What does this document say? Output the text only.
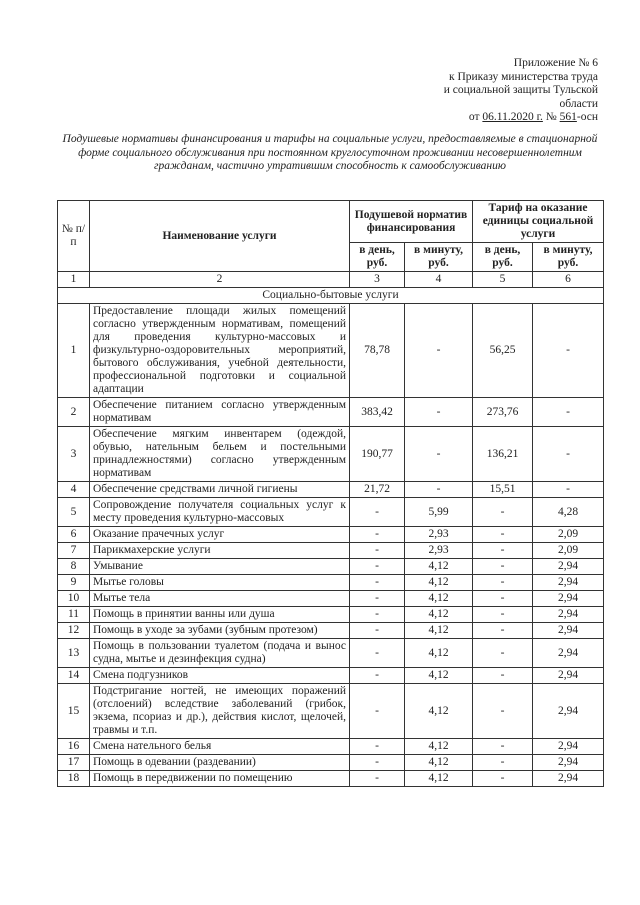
Приложение № 6
к Приказу министерства труда
и социальной защиты Тульской
области
от 06.11.2020 г. № 561-осн
Подушевые нормативы финансирования и тарифы на социальные услуги, предоставляемые в стационарной форме социального обслуживания при постоянном круглосуточном проживании несовершеннолетним гражданам, частично утратившим способность к самообслуживанию
№ п/п	Наименование услуги	Подушевой норматив финансирования		Тариф на оказание единицы социальной услуги	
		в день, руб.	в минуту, руб.	в день, руб.	в минуту, руб.
1	2	3	4	5	6
Социально-бытовые услуги					
1	Предоставление площади жилых помещений согласно утвержденным нормативам, помещений для проведения культурно-массовых и физкультурно-оздоровительных мероприятий, бытового обслуживания, учебной деятельности, профессиональной подготовки и социальной адаптации	78,78	-	56,25	-
2	Обеспечение питанием согласно утвержденным нормативам	383,42	-	273,76	-
3	Обеспечение мягким инвентарем (одеждой, обувью, нательным бельем и постельными принадлежностями) согласно утвержденным нормативам	190,77	-	136,21	-
4	Обеспечение средствами личной гигиены	21,72	-	15,51	-
5	Сопровождение получателя социальных услуг к месту проведения культурно-массовых	-	5,99	-	4,28
6	Оказание прачечных услуг	-	2,93	-	2,09
7	Парикмахерские услуги	-	2,93	-	2,09
8	Умывание	-	4,12	-	2,94
9	Мытье головы	-	4,12	-	2,94
10	Мытье тела	-	4,12	-	2,94
11	Помощь в принятии ванны или душа	-	4,12	-	2,94
12	Помощь в уходе за зубами (зубным протезом)	-	4,12	-	2,94
13	Помощь в пользовании туалетом (подача и вынос судна, мытье и дезинфекция судна)	-	4,12	-	2,94
14	Смена подгузников	-	4,12	-	2,94
15	Подстригание ногтей, не имеющих поражений (отслоений) вследствие заболеваний (грибок, экзема, псориаз и др.), действия кислот, щелочей, травмы и т.п.	-	4,12	-	2,94
16	Смена нательного белья	-	4,12	-	2,94
17	Помощь в одевании (раздевании)	-	4,12	-	2,94
18	Помощь в передвижении по помещению	-	4,12	-	2,94
